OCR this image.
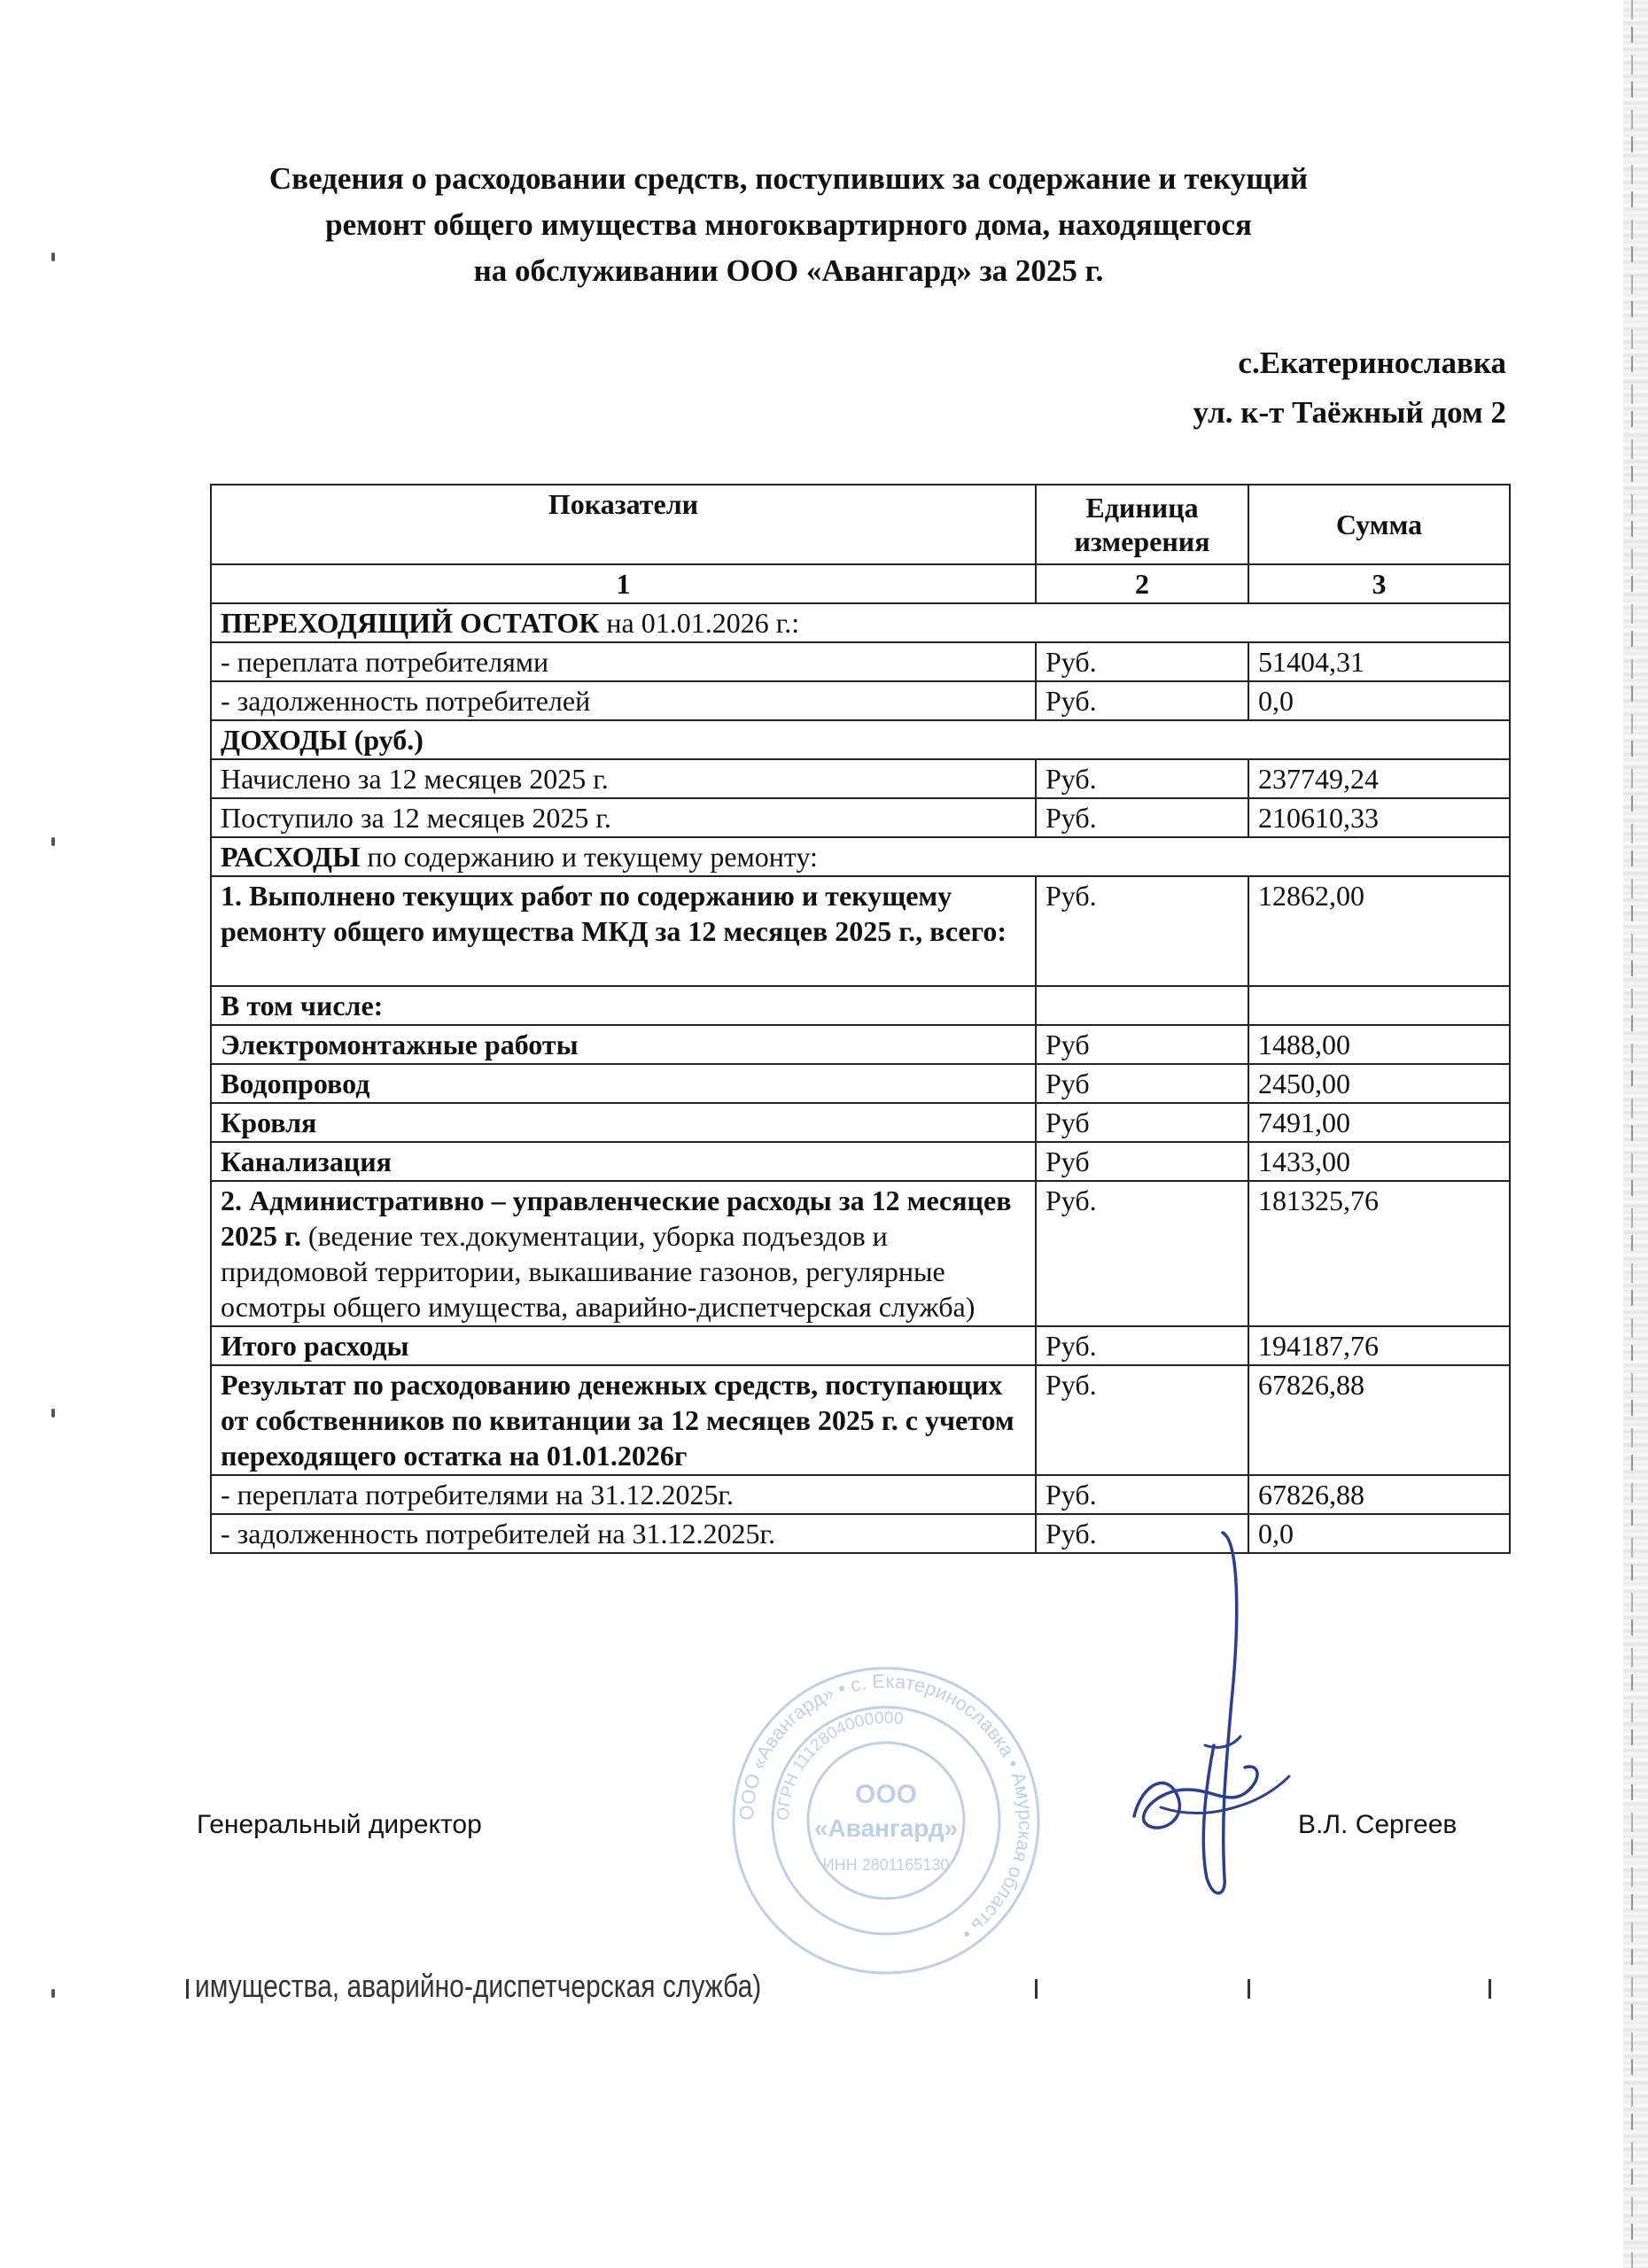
Сведения о расходовании средств, поступивших за содержание и текущий
ремонт общего имущества многоквартирного дома, находящегося
на обслуживании ООО «Авангард» за 2025 г.
с.Екатеринославка
ул. к-т Таёжный дом 2
Показатели	Единица измерения	Сумма
1	2	3
ПЕРЕХОДЯЩИЙ ОСТАТОК на 01.01.2026 г.:		
- переплата потребителями	Руб.	51404,31
- задолженность потребителей	Руб.	0,0
ДОХОДЫ (руб.)		
Начислено за 12 месяцев 2025 г.	Руб.	237749,24
Поступило за 12 месяцев 2025 г.	Руб.	210610,33
РАСХОДЫ по содержанию и текущему ремонту:		
1. Выполнено текущих работ по содержанию и текущему ремонту общего имущества МКД за 12 месяцев 2025 г., всего:	Руб.	12862,00
В том числе:		
Электромонтажные работы	Руб	1488,00
Водопровод	Руб	2450,00
Кровля	Руб	7491,00
Канализация	Руб	1433,00
2. Административно – управленческие расходы за 12 месяцев 2025 г. (ведение тех.документации, уборка подъездов и придомовой территории, выкашивание газонов, регулярные осмотры общего имущества, аварийно-диспетчерская служба)	Руб.	181325,76
Итого расходы	Руб.	194187,76
Результат по расходованию денежных средств, поступающих от собственников по квитанции за 12 месяцев 2025 г. с учетом переходящего остатка на 01.01.2026г	Руб.	67826,88
- переплата потребителями на 31.12.2025г.	Руб.	67826,88
- задолженность потребителей на 31.12.2025г.	Руб.	0,0
ООО «Авангард» • с. Екатеринославка • Амурская область •
ОГРН 1112804000000
ООО
«Авангард»
ИНН 2801165130
Генеральный директор	В.Л. Сергеев
имущества, аварийно-диспетчерская служба)
